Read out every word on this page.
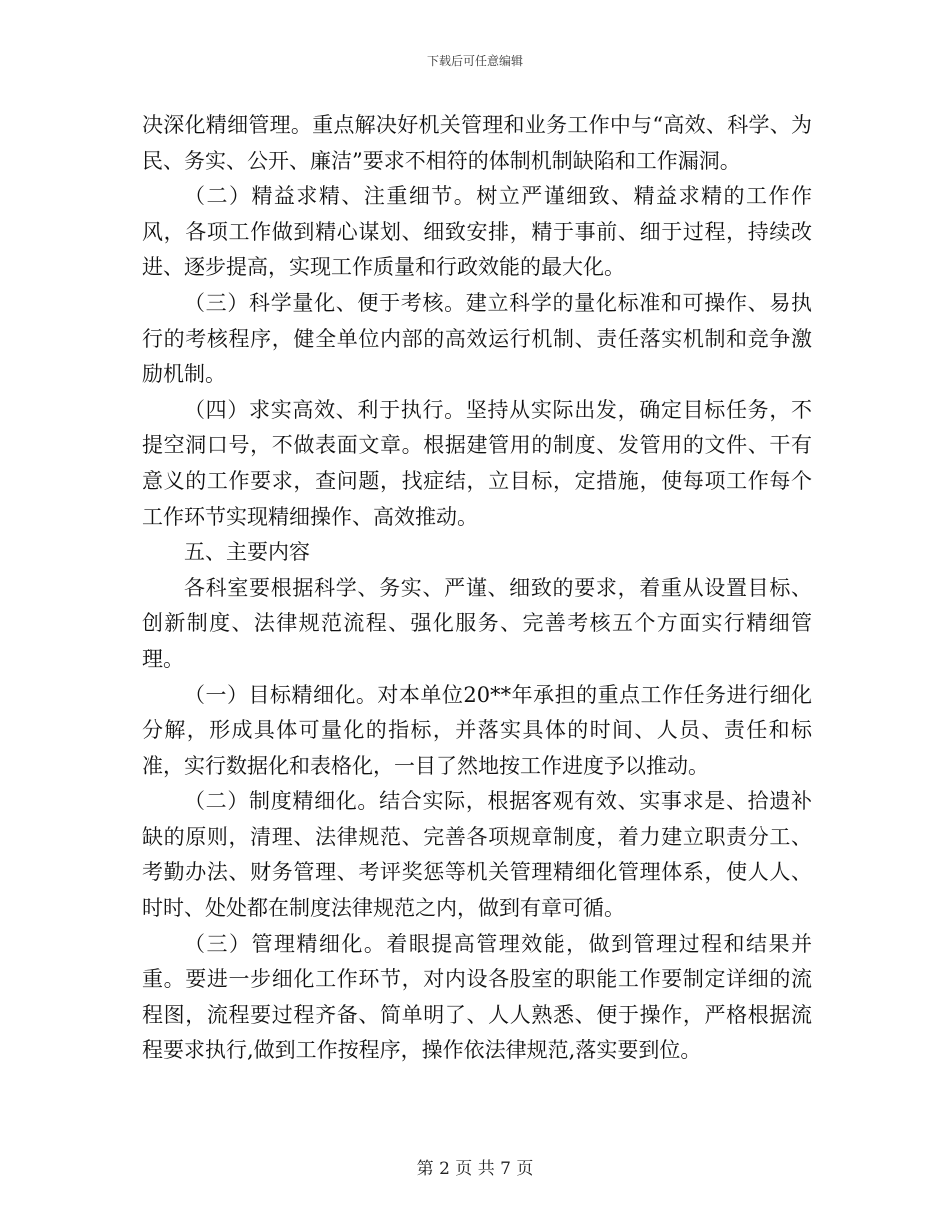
下载后可任意编辑

决深化精细管理。重点解决好机关管理和业务工作中与“高效、科学、为民、务实、公开、廉洁”要求不相符的体制机制缺陷和工作漏洞。

（二）精益求精、注重细节。树立严谨细致、精益求精的工作作风，各项工作做到精心谋划、细致安排，精于事前、细于过程，持续改进、逐步提高，实现工作质量和行政效能的最大化。

（三）科学量化、便于考核。建立科学的量化标准和可操作、易执行的考核程序，健全单位内部的高效运行机制、责任落实机制和竞争激励机制。

（四）求实高效、利于执行。坚持从实际出发，确定目标任务，不提空洞口号，不做表面文章。根据建管用的制度、发管用的文件、干有意义的工作要求，查问题，找症结，立目标，定措施，使每项工作每个工作环节实现精细操作、高效推动。

五、主要内容

各科室要根据科学、务实、严谨、细致的要求，着重从设置目标、创新制度、法律规范流程、强化服务、完善考核五个方面实行精细管理。

（一）目标精细化。对本单位20**年承担的重点工作任务进行细化分解，形成具体可量化的指标，并落实具体的时间、人员、责任和标准，实行数据化和表格化，一目了然地按工作进度予以推动。

（二）制度精细化。结合实际，根据客观有效、实事求是、拾遗补缺的原则，清理、法律规范、完善各项规章制度，着力建立职责分工、考勤办法、财务管理、考评奖惩等机关管理精细化管理体系，使人人、时时、处处都在制度法律规范之内，做到有章可循。

（三）管理精细化。着眼提高管理效能，做到管理过程和结果并重。要进一步细化工作环节，对内设各股室的职能工作要制定详细的流程图，流程要过程齐备、简单明了、人人熟悉、便于操作，严格根据流程要求执行,做到工作按程序，操作依法律规范,落实要到位。

第 2 页 共 7 页
